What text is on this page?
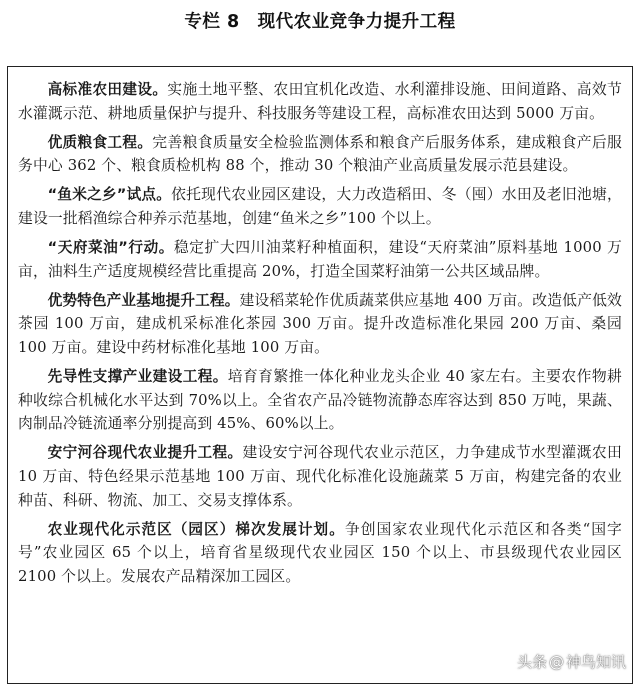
专栏 8　现代农业竞争力提升工程

高标准农田建设。实施土地平整、农田宜机化改造、水利灌排设施、田间道路、高效节水灌溉示范、耕地质量保护与提升、科技服务等建设工程，高标准农田达到 5000 万亩。

优质粮食工程。完善粮食质量安全检验监测体系和粮食产后服务体系，建成粮食产后服务中心 362 个、粮食质检机构 88 个，推动 30 个粮油产业高质量发展示范县建设。

“鱼米之乡”试点。依托现代农业园区建设，大力改造稻田、冬（囤）水田及老旧池塘，建设一批稻渔综合种养示范基地，创建“鱼米之乡”100 个以上。

“天府菜油”行动。稳定扩大四川油菜籽种植面积，建设“天府菜油”原料基地 1000 万亩，油料生产适度规模经营比重提高 20%，打造全国菜籽油第一公共区域品牌。

优势特色产业基地提升工程。建设稻菜轮作优质蔬菜供应基地 400 万亩。改造低产低效茶园 100 万亩，建成机采标准化茶园 300 万亩。提升改造标准化果园 200 万亩、桑园 100 万亩。建设中药材标准化基地 100 万亩。

先导性支撑产业建设工程。培育育繁推一体化种业龙头企业 40 家左右。主要农作物耕种收综合机械化水平达到 70%以上。全省农产品冷链物流静态库容达到 850 万吨，果蔬、肉制品冷链流通率分别提高到 45%、60%以上。

安宁河谷现代农业提升工程。建设安宁河谷现代农业示范区，力争建成节水型灌溉农田 10 万亩、特色经果示范基地 100 万亩、现代化标准化设施蔬菜 5 万亩，构建完备的农业种苗、科研、物流、加工、交易支撑体系。

农业现代化示范区（园区）梯次发展计划。争创国家农业现代化示范区和各类“国字号”农业园区 65 个以上，培育省星级现代农业园区 150 个以上、市县级现代农业园区 2100 个以上。发展农产品精深加工园区。

头条 @ 神鸟知讯
